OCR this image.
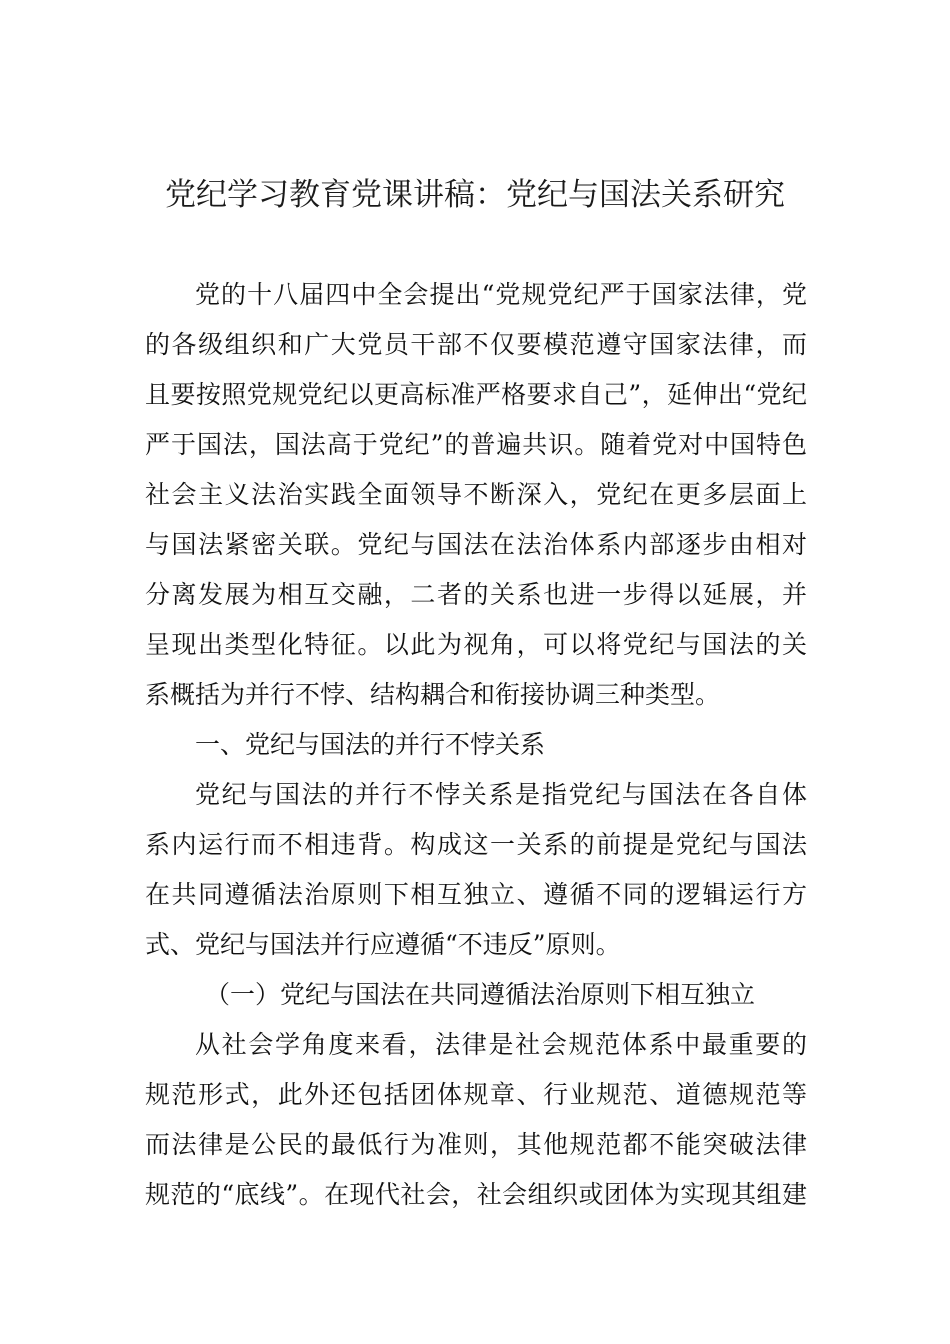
党纪学习教育党课讲稿：党纪与国法关系研究
党的十八届四中全会提出“党规党纪严于国家法律，党
的各级组织和广大党员干部不仅要模范遵守国家法律，而
且要按照党规党纪以更高标准严格要求自己”，延伸出“党纪
严于国法，国法高于党纪”的普遍共识。随着党对中国特色
社会主义法治实践全面领导不断深入，党纪在更多层面上
与国法紧密关联。党纪与国法在法治体系内部逐步由相对
分离发展为相互交融，二者的关系也进一步得以延展，并
呈现出类型化特征。以此为视角，可以将党纪与国法的关
系概括为并行不悖、结构耦合和衔接协调三种类型。
一、党纪与国法的并行不悖关系
党纪与国法的并行不悖关系是指党纪与国法在各自体
系内运行而不相违背。构成这一关系的前提是党纪与国法
在共同遵循法治原则下相互独立、遵循不同的逻辑运行方
式、党纪与国法并行应遵循“不违反”原则。
（一）党纪与国法在共同遵循法治原则下相互独立
从社会学角度来看，法律是社会规范体系中最重要的
规范形式，此外还包括团体规章、行业规范、道德规范等
而法律是公民的最低行为准则，其他规范都不能突破法律
规范的“底线”。在现代社会，社会组织或团体为实现其组建
